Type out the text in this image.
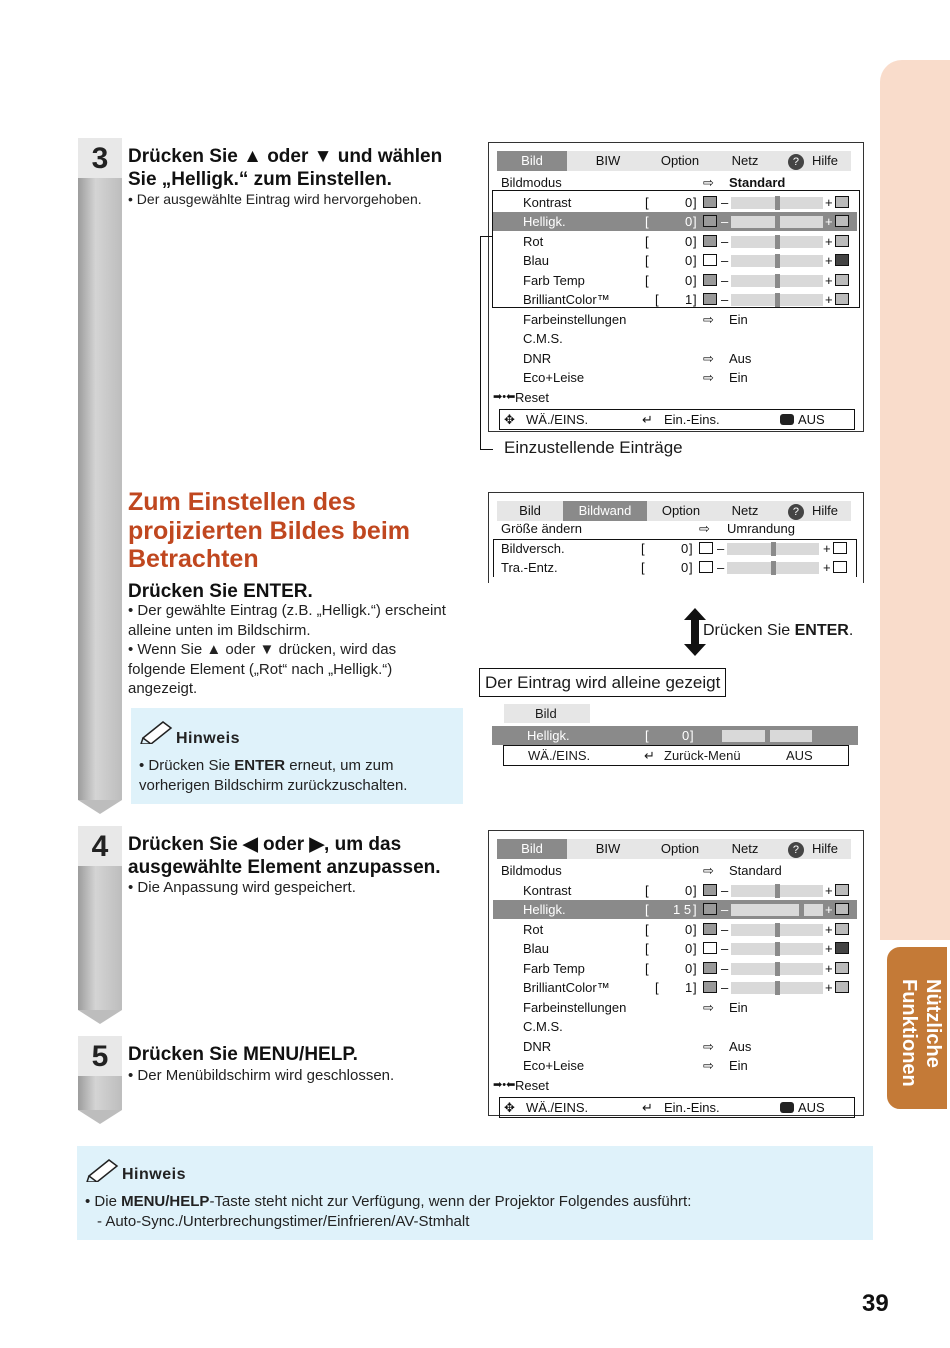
Nützliche Funktionen
39
3	Drücken Sie ▲ oder ▼ und wählen Sie „Helligk.“ zum Einstellen.
• Der ausgewählte Eintrag wird hervorgehoben.
Zum Einstellen des projizierten Bildes beim Betrachten
Drücken Sie ENTER.
• Der gewählte Eintrag (z.B. „Helligk.“) erscheint alleine unten im Bildschirm.
• Wenn Sie ▲ oder ▼ drücken, wird das folgende Element („Rot“ nach „Helligk.“) angezeigt.
Hinweis
• Drücken Sie ENTER erneut, um zum vorherigen Bildschirm zurückzuschalten.
4	Drücken Sie ◀ oder ▶, um das ausgewählte Element anzupassen.
• Die Anpassung wird gespeichert.
5	Drücken Sie MENU/HELP.
• Der Menübildschirm wird geschlossen.
Hinweis
• Die MENU/HELP-Taste steht nicht zur Verfügung, wenn der Projektor Folgendes ausführt:
- Auto-Sync./Unterbrechungstimer/Einfrieren/AV-Stmhalt
Bild	BIW	Option	Netz	? Hilfe
Bildmodus	⇨ Standard
Kontrast	[	0 ] –	+
Helligk.	[	0 ] –	+
Rot	[	0 ] –	+
Blau	[	0 ] –	+
Farb Temp	[	0 ] –	+
BrilliantColor™	[ 1 ] –	+
Farbeinstellungen	⇨ Ein
C.M.S.
DNR	⇨ Aus
Eco+Leise	⇨ Ein
➡•⬅ Reset
✥ WÄ./EINS.	↵ Ein.-Eins.	AUS
Einzustellende Einträge
Bild	Bildwand	Option	Netz	? Hilfe
Größe ändern	⇨ Umrandung
Bildversch.	[	0 ] –	+
Tra.-Entz.	[	0 ] –	+
Drücken Sie ENTER.
Der Eintrag wird alleine gezeigt
Bild
Helligk.	[	0 ]
WÄ./EINS.	↵ Zurück-Menü	AUS
Bild	BIW	Option	Netz	? Hilfe
Bildmodus	⇨ Standard
Kontrast	[	0 ] –	+
Helligk.	[ 1 5 ] –	+
Rot	[	0 ] –	+
Blau	[	0 ] –	+
Farb Temp	[	0 ] –	+
BrilliantColor™	[ 1 ] –	+
Farbeinstellungen	⇨ Ein
C.M.S.
DNR	⇨ Aus
Eco+Leise	⇨ Ein
➡•⬅ Reset
✥ WÄ./EINS.	↵ Ein.-Eins.	AUS
